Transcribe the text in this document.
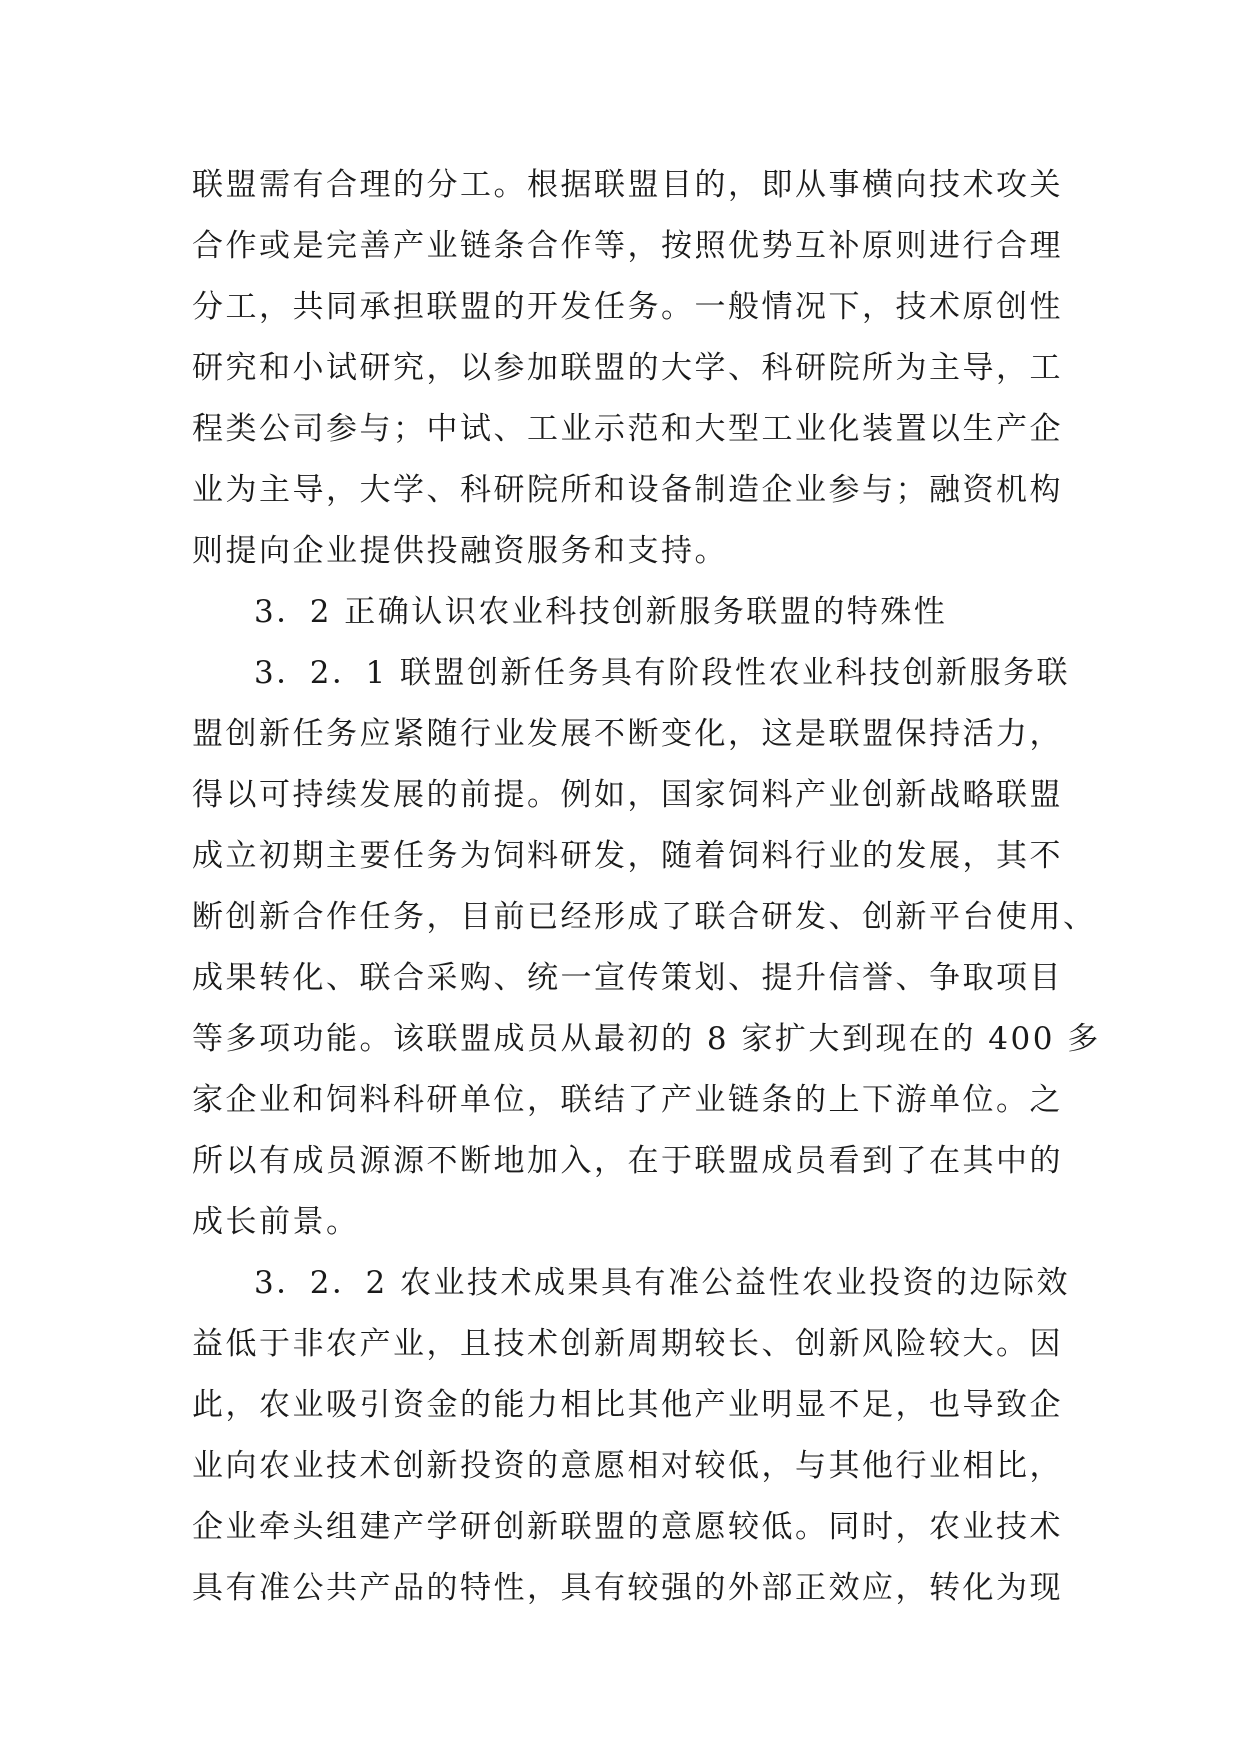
联盟需有合理的分工。根据联盟目的，即从事横向技术攻关
合作或是完善产业链条合作等，按照优势互补原则进行合理
分工，共同承担联盟的开发任务。一般情况下，技术原创性
研究和小试研究，以参加联盟的大学、科研院所为主导，工
程类公司参与；中试、工业示范和大型工业化装置以生产企
业为主导，大学、科研院所和设备制造企业参与；融资机构
则提向企业提供投融资服务和支持。
3．2 正确认识农业科技创新服务联盟的特殊性
3．2．1 联盟创新任务具有阶段性农业科技创新服务联
盟创新任务应紧随行业发展不断变化，这是联盟保持活力，
得以可持续发展的前提。例如，国家饲料产业创新战略联盟
成立初期主要任务为饲料研发，随着饲料行业的发展，其不
断创新合作任务，目前已经形成了联合研发、创新平台使用、
成果转化、联合采购、统一宣传策划、提升信誉、争取项目
等多项功能。该联盟成员从最初的 8 家扩大到现在的 400 多
家企业和饲料科研单位，联结了产业链条的上下游单位。之
所以有成员源源不断地加入，在于联盟成员看到了在其中的
成长前景。
3．2．2 农业技术成果具有准公益性农业投资的边际效
益低于非农产业，且技术创新周期较长、创新风险较大。因
此，农业吸引资金的能力相比其他产业明显不足，也导致企
业向农业技术创新投资的意愿相对较低，与其他行业相比，
企业牵头组建产学研创新联盟的意愿较低。同时，农业技术
具有准公共产品的特性，具有较强的外部正效应，转化为现
